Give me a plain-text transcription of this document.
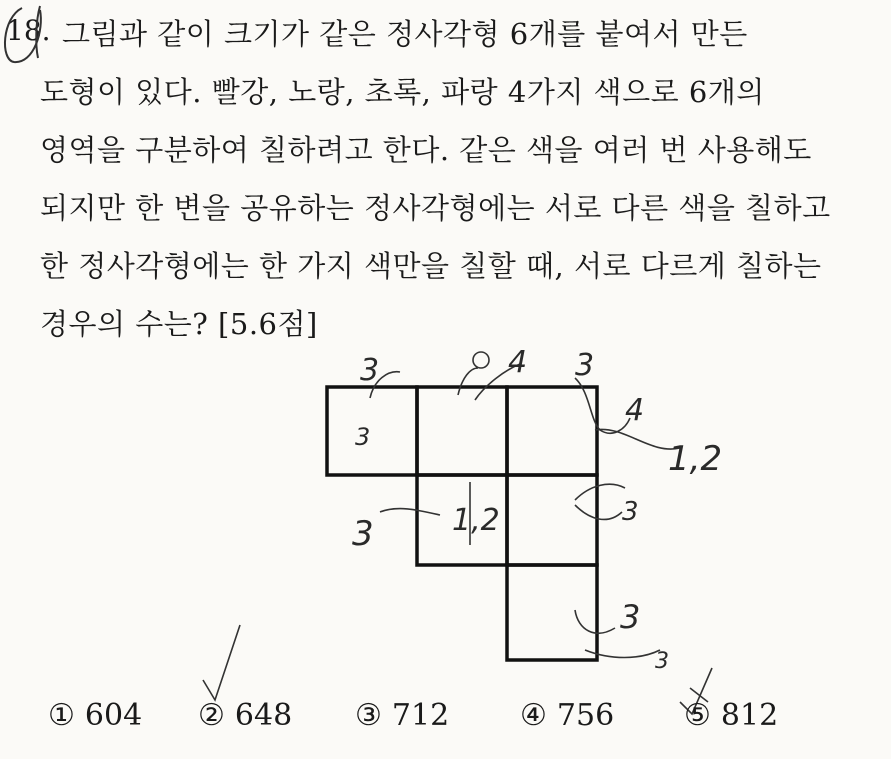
18. 그림과 같이 크기가 같은 정사각형 6개를 붙여서 만든
도형이 있다. 빨강, 노랑, 초록, 파랑 4가지 색으로 6개의
영역을 구분하여 칠하려고 한다. 같은 색을 여러 번 사용해도
되지만 한 변을 공유하는 정사각형에는 서로 다른 색을 칠하고
한 정사각형에는 한 가지 색만을 칠할 때, 서로 다르게 칠하는
경우의 수는? [5.6점]
3	4 3
4
1,2
3
1,2
3
3
3
3
① 604 ② 648 ③ 712 ④ 756 ⑤ 812
